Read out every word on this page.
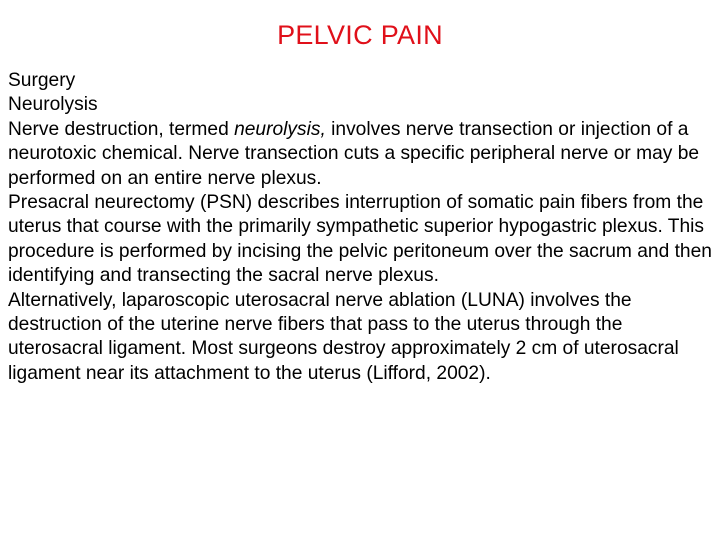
PELVIC PAIN

Surgery

Neurolysis

Nerve destruction, termed neurolysis, involves nerve transection or injection of a neurotoxic chemical. Nerve transection cuts a specific peripheral nerve or may be performed on an entire nerve plexus.

Presacral neurectomy (PSN) describes interruption of somatic pain fibers from the uterus that course with the primarily sympathetic superior hypogastric plexus. This procedure is performed by incising the pelvic peritoneum over the sacrum and then identifying and transecting the sacral nerve plexus.

Alternatively, laparoscopic uterosacral nerve ablation (LUNA) involves the destruction of the uterine nerve fibers that pass to the uterus through the uterosacral ligament. Most surgeons destroy approximately 2 cm of uterosacral ligament near its attachment to the uterus (Lifford, 2002).
